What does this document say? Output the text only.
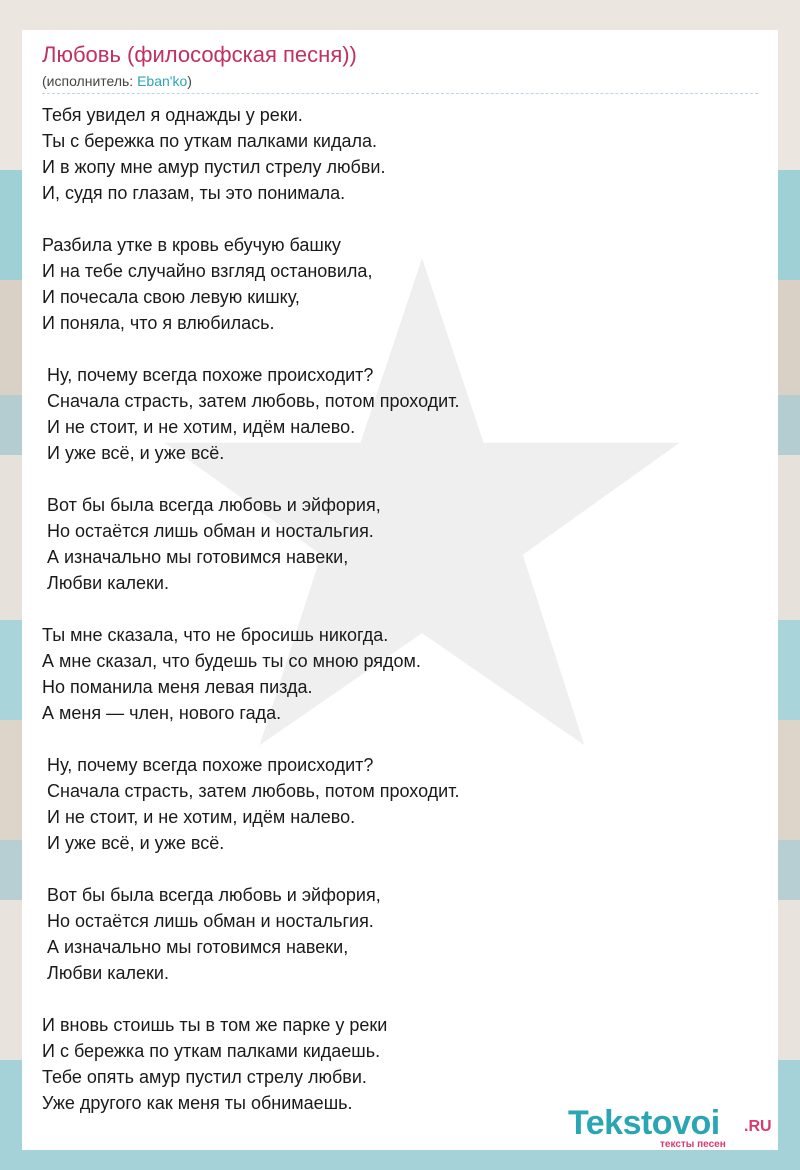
Любовь (философская песня))
(исполнитель: Eban'ko)
Тебя увидел я однажды у реки.
Ты с бережка по уткам палками кидала.
И в жопу мне амур пустил стрелу любви.
И, судя по глазам, ты это понимала.
Разбила утке в кровь ебучую башку
И на тебе случайно взгляд остановила,
И почесала свою левую кишку,
И поняла, что я влюбилась.
Ну, почему всегда похоже происходит?
Сначала страсть, затем любовь, потом проходит.
И не стоит, и не хотим, идём налево.
И уже всё, и уже всё.
Вот бы была всегда любовь и эйфория,
Но остаётся лишь обман и ностальгия.
А изначально мы готовимся навеки,
Любви калеки.
Ты мне сказала, что не бросишь никогда.
А мне сказал, что будешь ты со мною рядом.
Но поманила меня левая пизда.
А меня — член, нового гада.
Ну, почему всегда похоже происходит?
Сначала страсть, затем любовь, потом проходит.
И не стоит, и не хотим, идём налево.
И уже всё, и уже всё.
Вот бы была всегда любовь и эйфория,
Но остаётся лишь обман и ностальгия.
А изначально мы готовимся навеки,
Любви калеки.
И вновь стоишь ты в том же парке у реки
И с бережка по уткам палками кидаешь.
Тебе опять амур пустил стрелу любви.
Уже другого как меня ты обнимаешь.
Tekstovoi .RU
тексты песен
